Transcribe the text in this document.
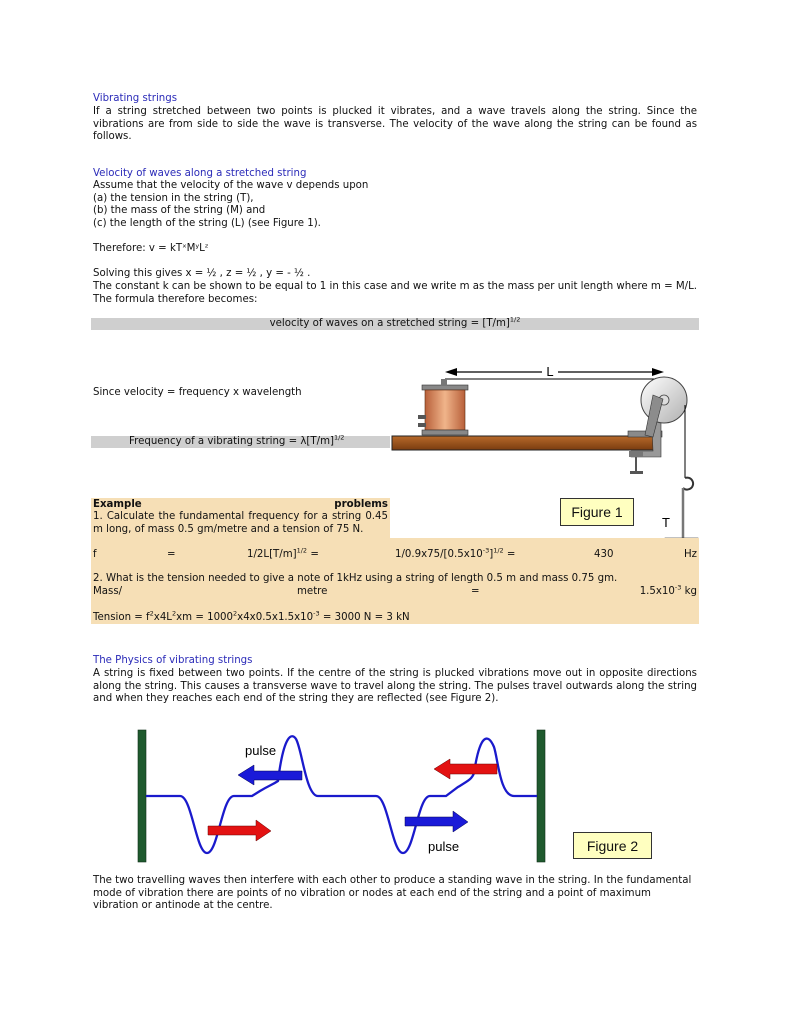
Vibrating strings
If a string stretched between two points is plucked it vibrates, and a wave travels along the string. Since the vibrations are from side to side the wave is transverse. The velocity of the wave along the string can be found as follows.
Velocity of waves along a stretched string
Assume that the velocity of the wave v depends upon
(a) the tension in the string (T),
(b) the mass of the string (M) and
(c) the length of the string (L) (see Figure 1).
Therefore: v = kTˣMʸLᶻ
Solving this gives x = ½ , z = ½ , y = - ½ .
The constant k can be shown to be equal to 1 in this case and we write m as the mass per unit length where m = M/L. The formula therefore becomes:
velocity of waves on a stretched string = $[T/m]^{1/2}$
Since velocity = frequency x wavelength
Frequency of a vibrating string = $\lambda[T/m]^{1/2}$
L
T
Figure 1
Example	problems
1. Calculate the fundamental frequency for a string 0.45 m long, of mass 0.5 gm/metre and a tension of 75 N.
f	=	$1/2L[T/m]^{1/2}$ =	$1/0.9x75/[0.5x10^{-3}]^{1/2}$ =	430	Hz
2. What is the tension needed to give a note of 1kHz using a string of length 0.5 m and mass 0.75 gm.
Mass/	metre	=	$1.5x10^{-3}$ kg
Tension = $f^2x4L^2xm = 1000^2x4x0.5x1.5x10^{-3} = 3000$ N = 3 kN
The Physics of vibrating strings
A string is fixed between two points. If the centre of the string is plucked vibrations move out in opposite directions along the string. This causes a transverse wave to travel along the string. The pulses travel outwards along the string and when they reaches each end of the string they are reflected (see Figure 2).
pulse
pulse	Figure 2
The two travelling waves then interfere with each other to produce a standing wave in the string. In the fundamental mode of vibration there are points of no vibration or nodes at each end of the string and a point of maximum vibration or antinode at the centre.
